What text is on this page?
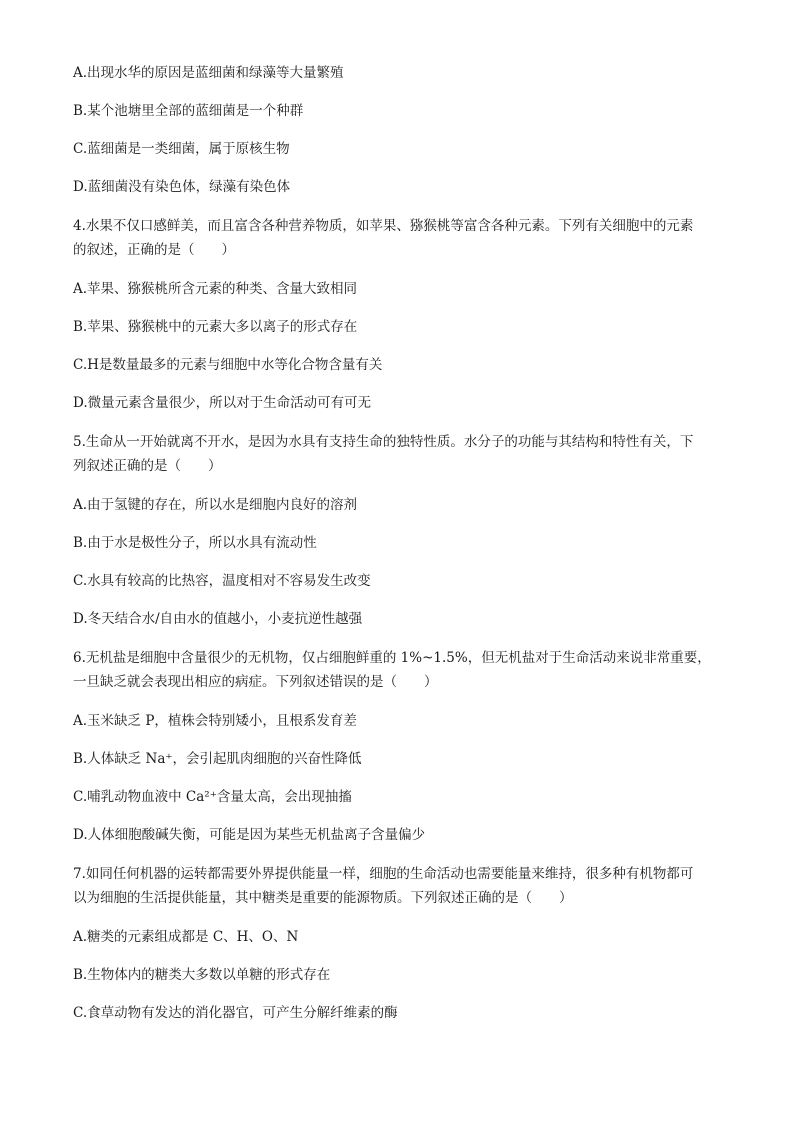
A.出现水华的原因是蓝细菌和绿藻等大量繁殖
B.某个池塘里全部的蓝细菌是一个种群
C.蓝细菌是一类细菌，属于原核生物
D.蓝细菌没有染色体，绿藻有染色体
4.水果不仅口感鲜美，而且富含各种营养物质，如苹果、猕猴桃等富含各种元素。下列有关细胞中的元素
的叙述，正确的是（　　）
A.苹果、猕猴桃所含元素的种类、含量大致相同
B.苹果、猕猴桃中的元素大多以离子的形式存在
C.H是数量最多的元素与细胞中水等化合物含量有关
D.微量元素含量很少，所以对于生命活动可有可无
5.生命从一开始就离不开水，是因为水具有支持生命的独特性质。水分子的功能与其结构和特性有关，下
列叙述正确的是（　　）
A.由于氢键的存在，所以水是细胞内良好的溶剂
B.由于水是极性分子，所以水具有流动性
C.水具有较高的比热容，温度相对不容易发生改变
D.冬天结合水/自由水的值越小，小麦抗逆性越强
6.无机盐是细胞中含量很少的无机物，仅占细胞鲜重的 1%~1.5%，但无机盐对于生命活动来说非常重要，
一旦缺乏就会表现出相应的病症。下列叙述错误的是（　　）
A.玉米缺乏 P，植株会特别矮小，且根系发育差
B.人体缺乏 Na⁺，会引起肌肉细胞的兴奋性降低
C.哺乳动物血液中 Ca²⁺含量太高，会出现抽搐
D.人体细胞酸碱失衡，可能是因为某些无机盐离子含量偏少
7.如同任何机器的运转都需要外界提供能量一样，细胞的生命活动也需要能量来维持，很多种有机物都可
以为细胞的生活提供能量，其中糖类是重要的能源物质。下列叙述正确的是（　　）
A.糖类的元素组成都是 C、H、O、N
B.生物体内的糖类大多数以单糖的形式存在
C.食草动物有发达的消化器官，可产生分解纤维素的酶
